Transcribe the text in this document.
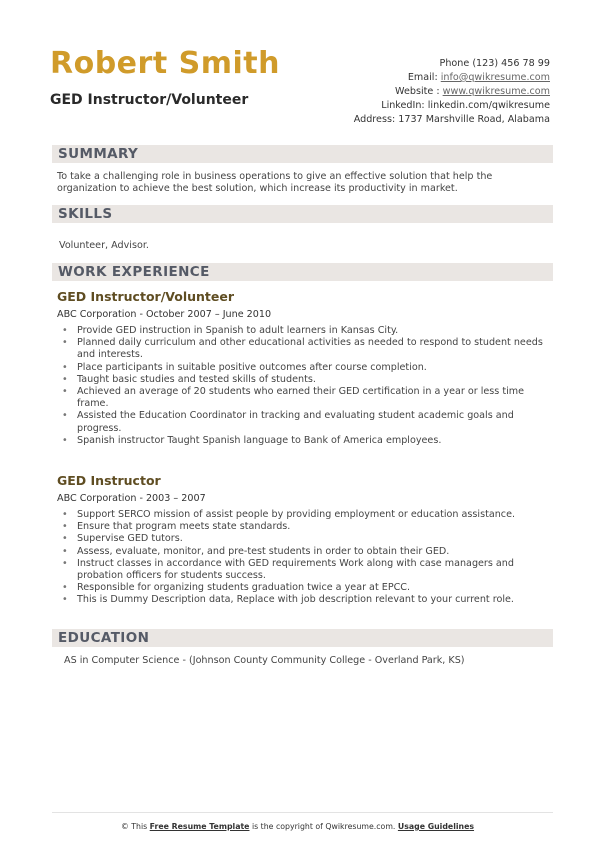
Robert Smith
GED Instructor/Volunteer
Phone (123) 456 78 99
Email: info@qwikresume.com
Website : www.qwikresume.com
LinkedIn: linkedin.com/qwikresume
Address: 1737 Marshville Road, Alabama
SUMMARY
To take a challenging role in business operations to give an effective solution that help the organization to achieve the best solution, which increase its productivity in market.
SKILLS
Volunteer, Advisor.
WORK EXPERIENCE
GED Instructor/Volunteer
ABC Corporation - October 2007 – June 2010
• Provide GED instruction in Spanish to adult learners in Kansas City.
• Planned daily curriculum and other educational activities as needed to respond to student needs and interests.
• Place participants in suitable positive outcomes after course completion.
• Taught basic studies and tested skills of students.
• Achieved an average of 20 students who earned their GED certification in a year or less time frame.
• Assisted the Education Coordinator in tracking and evaluating student academic goals and progress.
• Spanish instructor Taught Spanish language to Bank of America employees.
GED Instructor
ABC Corporation - 2003 – 2007
• Support SERCO mission of assist people by providing employment or education assistance.
• Ensure that program meets state standards.
• Supervise GED tutors.
• Assess, evaluate, monitor, and pre-test students in order to obtain their GED.
• Instruct classes in accordance with GED requirements Work along with case managers and probation officers for students success.
• Responsible for organizing students graduation twice a year at EPCC.
• This is Dummy Description data, Replace with job description relevant to your current role.
EDUCATION
AS in Computer Science - (Johnson County Community College - Overland Park, KS)
© This Free Resume Template is the copyright of Qwikresume.com. Usage Guidelines
